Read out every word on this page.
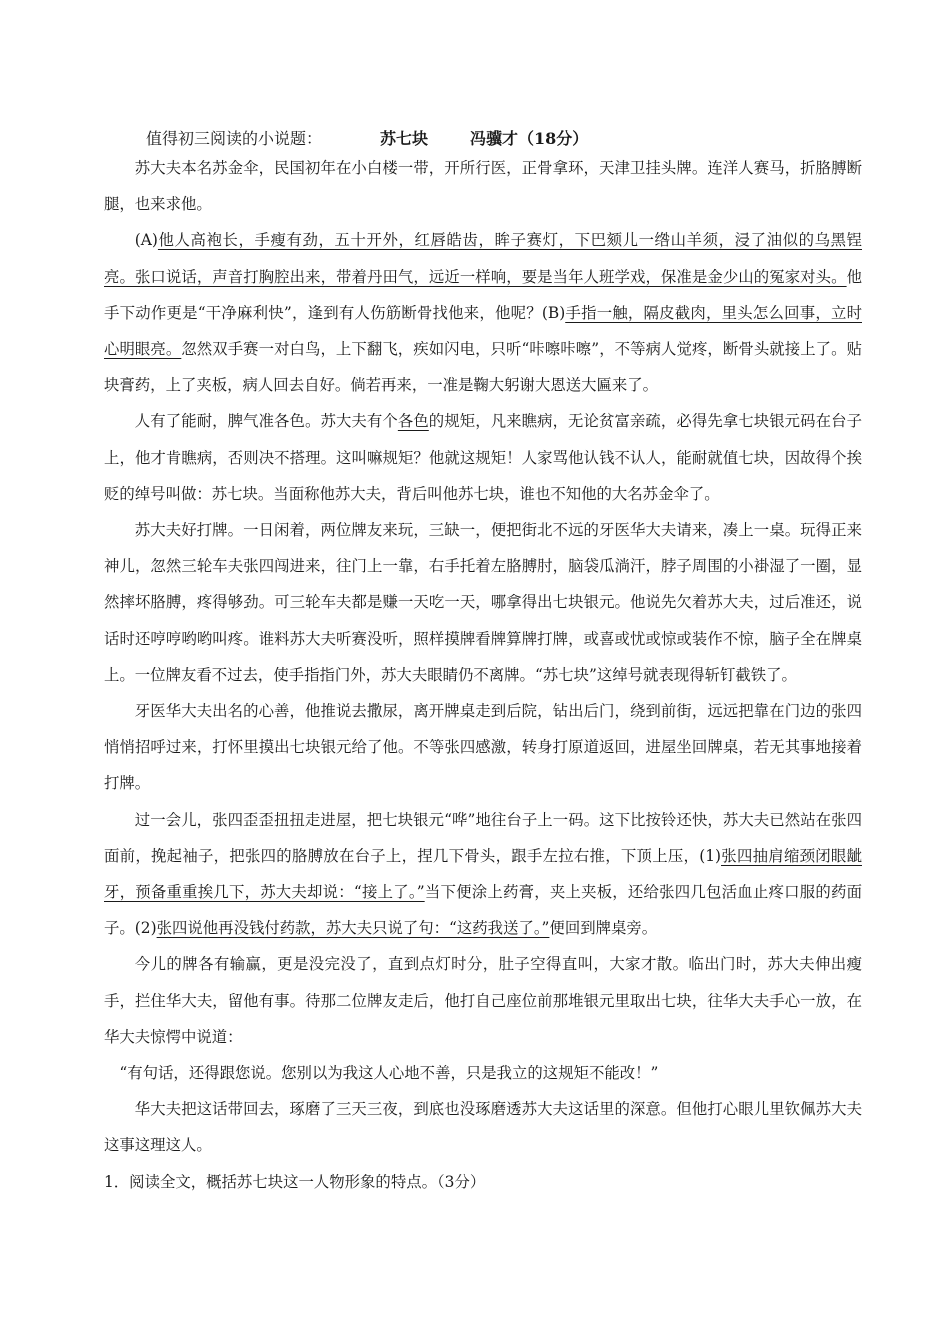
值得初三阅读的小说题：	苏七块	冯骥才（18分）

苏大夫本名苏金伞，民国初年在小白楼一带，开所行医，正骨拿环，天津卫挂头牌。连洋人赛马，折胳膊断腿，也来求他。

(A)他人高袍长，手瘦有劲，五十开外，红唇皓齿，眸子赛灯，下巴颏儿一绺山羊须，浸了油似的乌黑锃亮。张口说话，声音打胸腔出来，带着丹田气，远近一样响，要是当年人班学戏，保准是金少山的冤家对头。他手下动作更是“干净麻利快”，逢到有人伤筋断骨找他来，他呢？(B)手指一触，隔皮截肉，里头怎么回事，立时心明眼亮。忽然双手赛一对白鸟，上下翻飞，疾如闪电，只听“咔嚓咔嚓”，不等病人觉疼，断骨头就接上了。贴块膏药，上了夹板，病人回去自好。倘若再来，一准是鞠大躬谢大恩送大匾来了。

人有了能耐，脾气准各色。苏大夫有个各色的规矩，凡来瞧病，无论贫富亲疏，必得先拿七块银元码在台子上，他才肯瞧病，否则决不搭理。这叫嘛规矩？他就这规矩！人家骂他认钱不认人，能耐就值七块，因故得个挨贬的绰号叫做：苏七块。当面称他苏大夫，背后叫他苏七块，谁也不知他的大名苏金伞了。

苏大夫好打牌。一日闲着，两位牌友来玩，三缺一，便把街北不远的牙医华大夫请来，凑上一桌。玩得正来神儿，忽然三轮车夫张四闯进来，往门上一靠，右手托着左胳膊肘，脑袋瓜淌汗，脖子周围的小褂湿了一圈，显然摔坏胳膊，疼得够劲。可三轮车夫都是赚一天吃一天，哪拿得出七块银元。他说先欠着苏大夫，过后准还，说话时还哼哼哟哟叫疼。谁料苏大夫听赛没听，照样摸牌看牌算牌打牌，或喜或忧或惊或装作不惊，脑子全在牌桌上。一位牌友看不过去，使手指指门外，苏大夫眼睛仍不离牌。“苏七块”这绰号就表现得斩钉截铁了。

牙医华大夫出名的心善，他推说去撒尿，离开牌桌走到后院，钻出后门，绕到前街，远远把靠在门边的张四悄悄招呼过来，打怀里摸出七块银元给了他。不等张四感激，转身打原道返回，进屋坐回牌桌，若无其事地接着打牌。

过一会儿，张四歪歪扭扭走进屋，把七块银元“哗”地往台子上一码。这下比按铃还快，苏大夫已然站在张四面前，挽起袖子，把张四的胳膊放在台子上，捏几下骨头，跟手左拉右推，下顶上压，(1)张四抽肩缩颈闭眼龇牙，预备重重挨几下，苏大夫却说：“接上了。”当下便涂上药膏，夹上夹板，还给张四几包活血止疼口服的药面子。(2)张四说他再没钱付药款，苏大夫只说了句：“这药我送了。”便回到牌桌旁。

今儿的牌各有输赢，更是没完没了，直到点灯时分，肚子空得直叫，大家才散。临出门时，苏大夫伸出瘦手，拦住华大夫，留他有事。待那二位牌友走后，他打自己座位前那堆银元里取出七块，往华大夫手心一放，在华大夫惊愕中说道：

“有句话，还得跟您说。您别以为我这人心地不善，只是我立的这规矩不能改！”

华大夫把这话带回去，琢磨了三天三夜，到底也没琢磨透苏大夫这话里的深意。但他打心眼儿里钦佩苏大夫这事这理这人。

1．阅读全文，概括苏七块这一人物形象的特点。（3分）
